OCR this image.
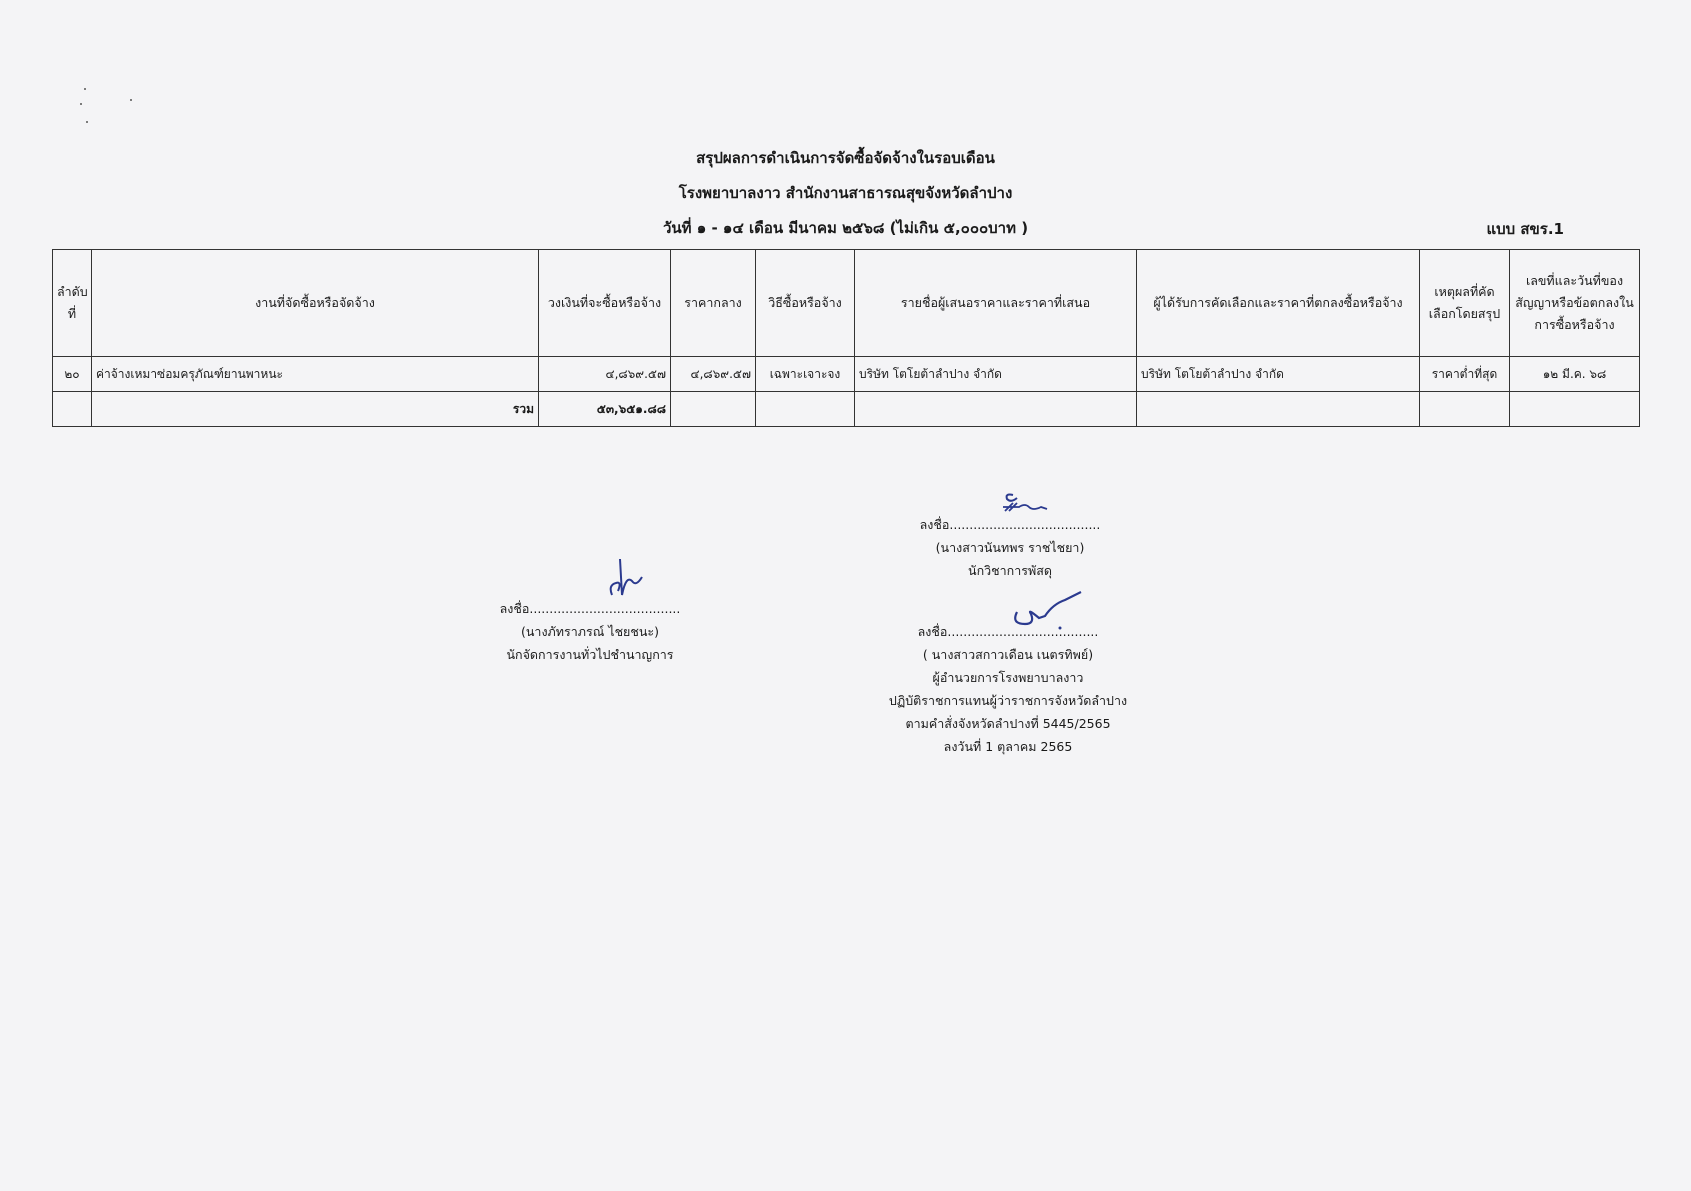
สรุปผลการดำเนินการจัดซื้อจัดจ้างในรอบเดือน
โรงพยาบาลงาว สำนักงานสาธารณสุขจังหวัดลำปาง
วันที่ ๑ - ๑๔ เดือน มีนาคม ๒๕๖๘ (ไม่เกิน ๕,๐๐๐บาท )	แบบ สขร.1
ลำดับที่	งานที่จัดซื้อหรือจัดจ้าง	วงเงินที่จะซื้อหรือจ้าง	ราคากลาง	วิธีซื้อหรือจ้าง	รายชื่อผู้เสนอราคาและราคาที่เสนอ	ผู้ได้รับการคัดเลือกและราคาที่ตกลงซื้อหรือจ้าง	เหตุผลที่คัดเลือกโดยสรุป	เลขที่และวันที่ของสัญญาหรือข้อตกลงในการซื้อหรือจ้าง
๒๐	ค่าจ้างเหมาซ่อมครุภัณฑ์ยานพาหนะ	๔,๘๖๙.๕๗	๔,๘๖๙.๕๗	เฉพาะเจาะจง	บริษัท โตโยต้าลำปาง จำกัด	บริษัท โตโยต้าลำปาง จำกัด	ราคาต่ำที่สุด	๑๒ มี.ค. ๖๘
	รวม	๕๓,๖๕๑.๘๘						
ลงชื่อ......................................
(นางสาวนันทพร ราชไชยา)
นักวิชาการพัสดุ
ลงชื่อ......................................
(นางภัทราภรณ์ ไชยชนะ)
นักจัดการงานทั่วไปชำนาญการ
ลงชื่อ......................................
( นางสาวสกาวเดือน เนตรทิพย์)
ผู้อำนวยการโรงพยาบาลงาว
ปฏิบัติราชการแทนผู้ว่าราชการจังหวัดลำปาง
ตามคำสั่งจังหวัดลำปางที่ 5445/2565
ลงวันที่ 1 ตุลาคม 2565
